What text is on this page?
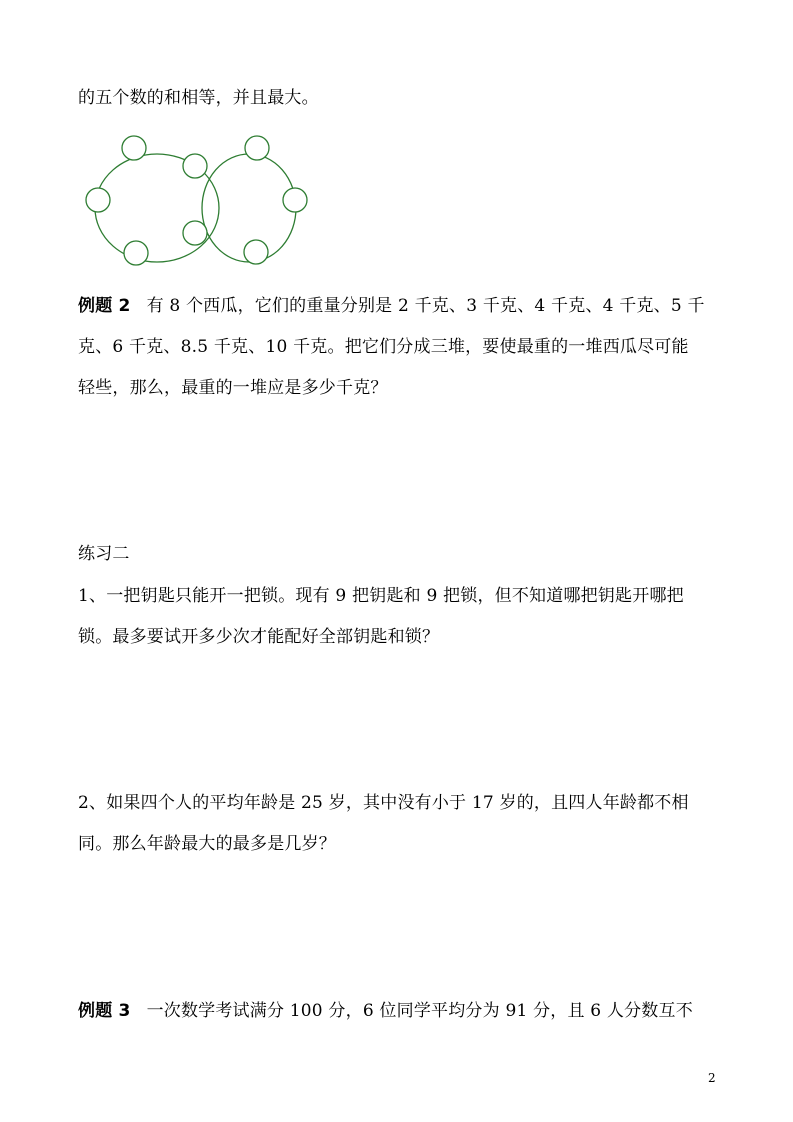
的五个数的和相等，并且最大。
例题 2 有 8 个西瓜，它们的重量分别是 2 千克、3 千克、4 千克、4 千克、5 千
克、6 千克、8.5 千克、10 千克。把它们分成三堆，要使最重的一堆西瓜尽可能
轻些，那么，最重的一堆应是多少千克？
练习二
1、一把钥匙只能开一把锁。现有 9 把钥匙和 9 把锁，但不知道哪把钥匙开哪把
锁。最多要试开多少次才能配好全部钥匙和锁？
2、如果四个人的平均年龄是 25 岁，其中没有小于 17 岁的，且四人年龄都不相
同。那么年龄最大的最多是几岁？
例题 3 一次数学考试满分 100 分，6 位同学平均分为 91 分，且 6 人分数互不
2
